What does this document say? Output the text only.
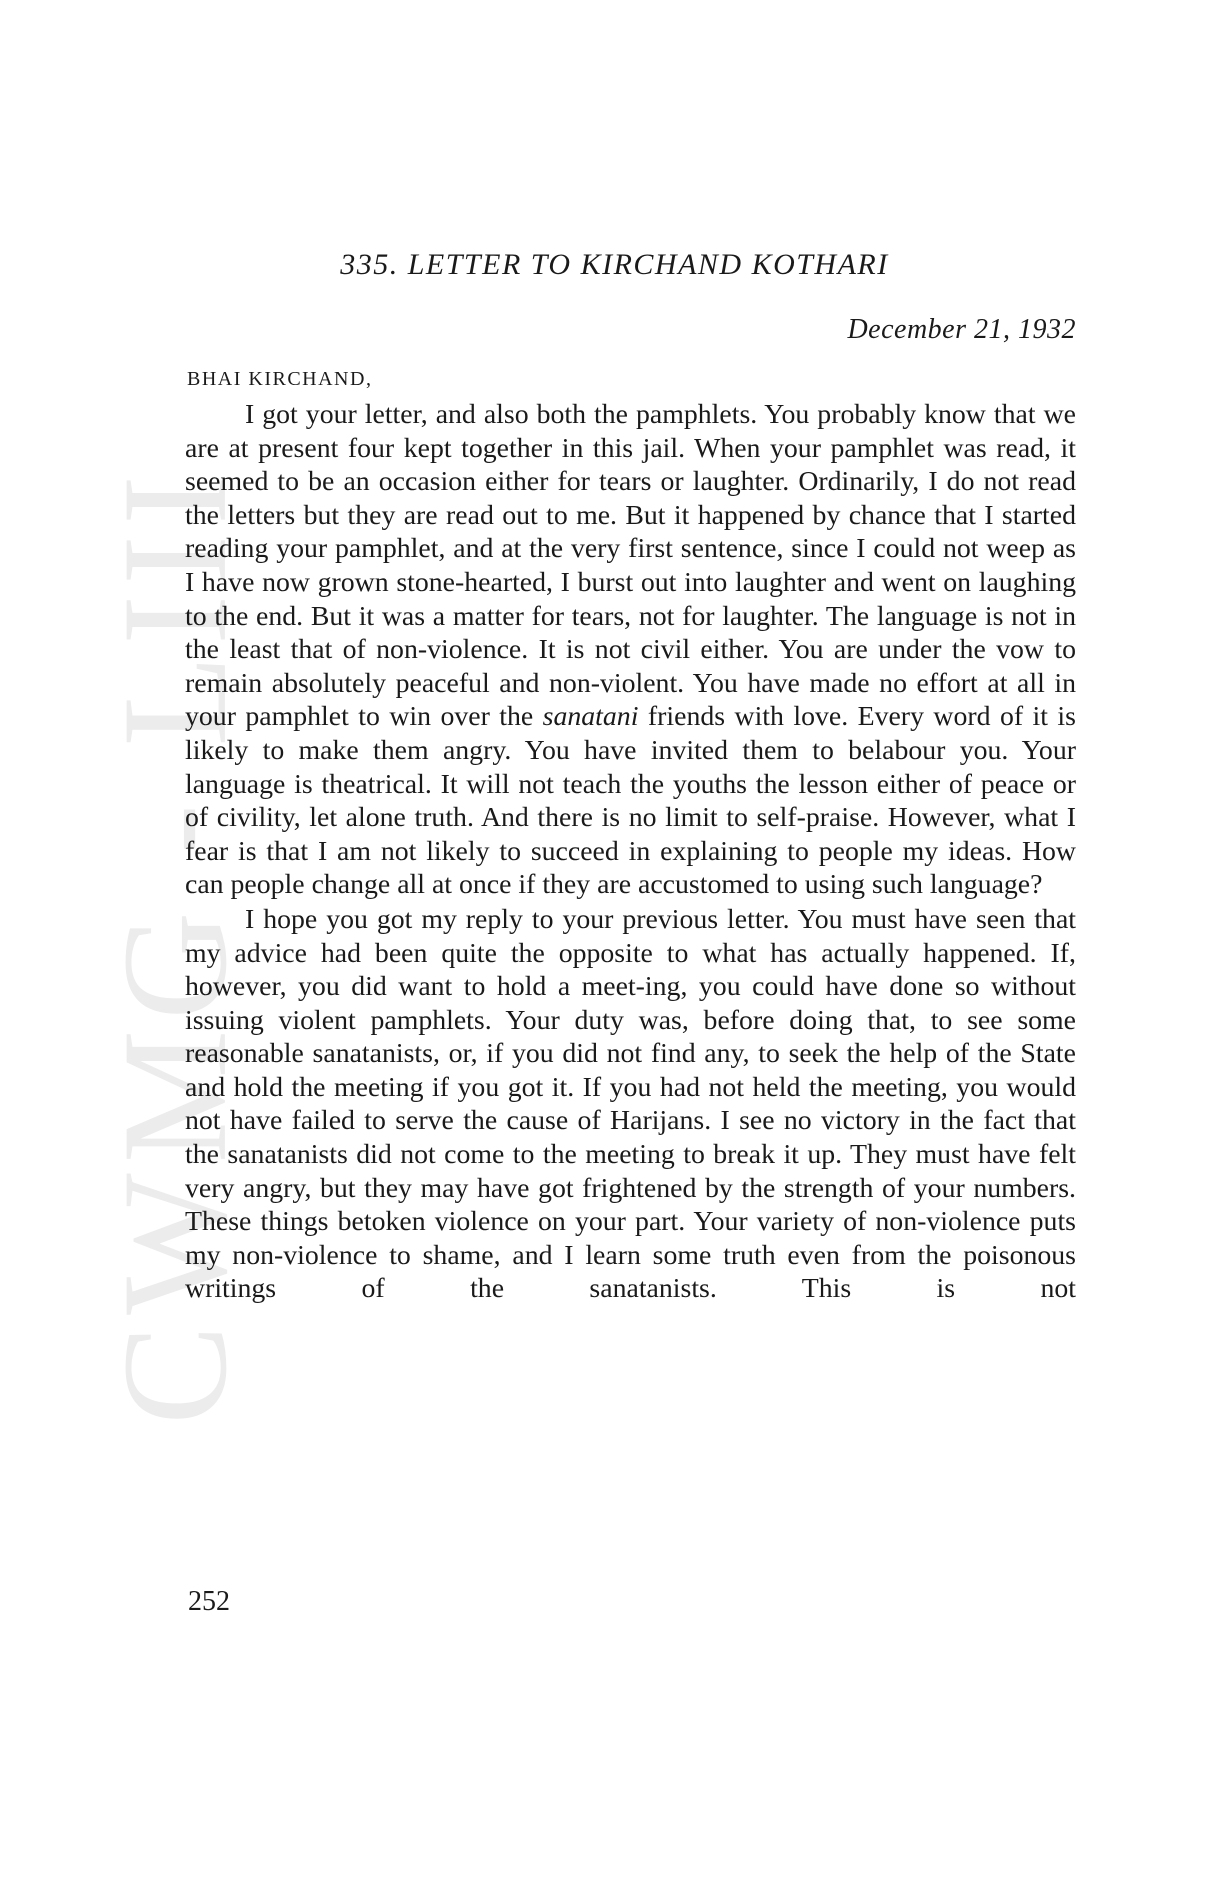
CWMG - LIII
335. LETTER TO KIRCHAND KOTHARI
December 21, 1932
BHAI KIRCHAND,

I got your letter, and also both the pamphlets. You probably know that we are at present four kept together in this jail. When your pamphlet was read, it seemed to be an occasion either for tears or laughter. Ordinarily, I do not read the letters but they are read out to me. But it happened by chance that I started reading your pamphlet, and at the very first sentence, since I could not weep as I have now grown stone-hearted, I burst out into laughter and went on laughing to the end. But it was a matter for tears, not for laughter. The language is not in the least that of non-violence. It is not civil either. You are under the vow to remain absolutely peaceful and non-violent. You have made no effort at all in your pamphlet to win over the sanatani friends with love. Every word of it is likely to make them angry. You have invited them to belabour you. Your language is theatrical. It will not teach the youths the lesson either of peace or of civility, let alone truth. And there is no limit to self-praise. However, what I fear is that I am not likely to succeed in explaining to people my ideas. How can people change all at once if they are accustomed to using such language?

I hope you got my reply to your previous letter. You must have seen that my advice had been quite the opposite to what has actually happened. If, however, you did want to hold a meet-ing, you could have done so without issuing violent pamphlets. Your duty was, before doing that, to see some reasonable sanatanists, or, if you did not find any, to seek the help of the State and hold the meeting if you got it. If you had not held the meeting, you would not have failed to serve the cause of Harijans. I see no victory in the fact that the sanatanists did not come to the meeting to break it up. They must have felt very angry, but they may have got frightened by the strength of your numbers. These things betoken violence on your part. Your variety of non-violence puts my non-violence to shame, and I learn some truth even from the poisonous writings of the sanatanists. This is not

252
